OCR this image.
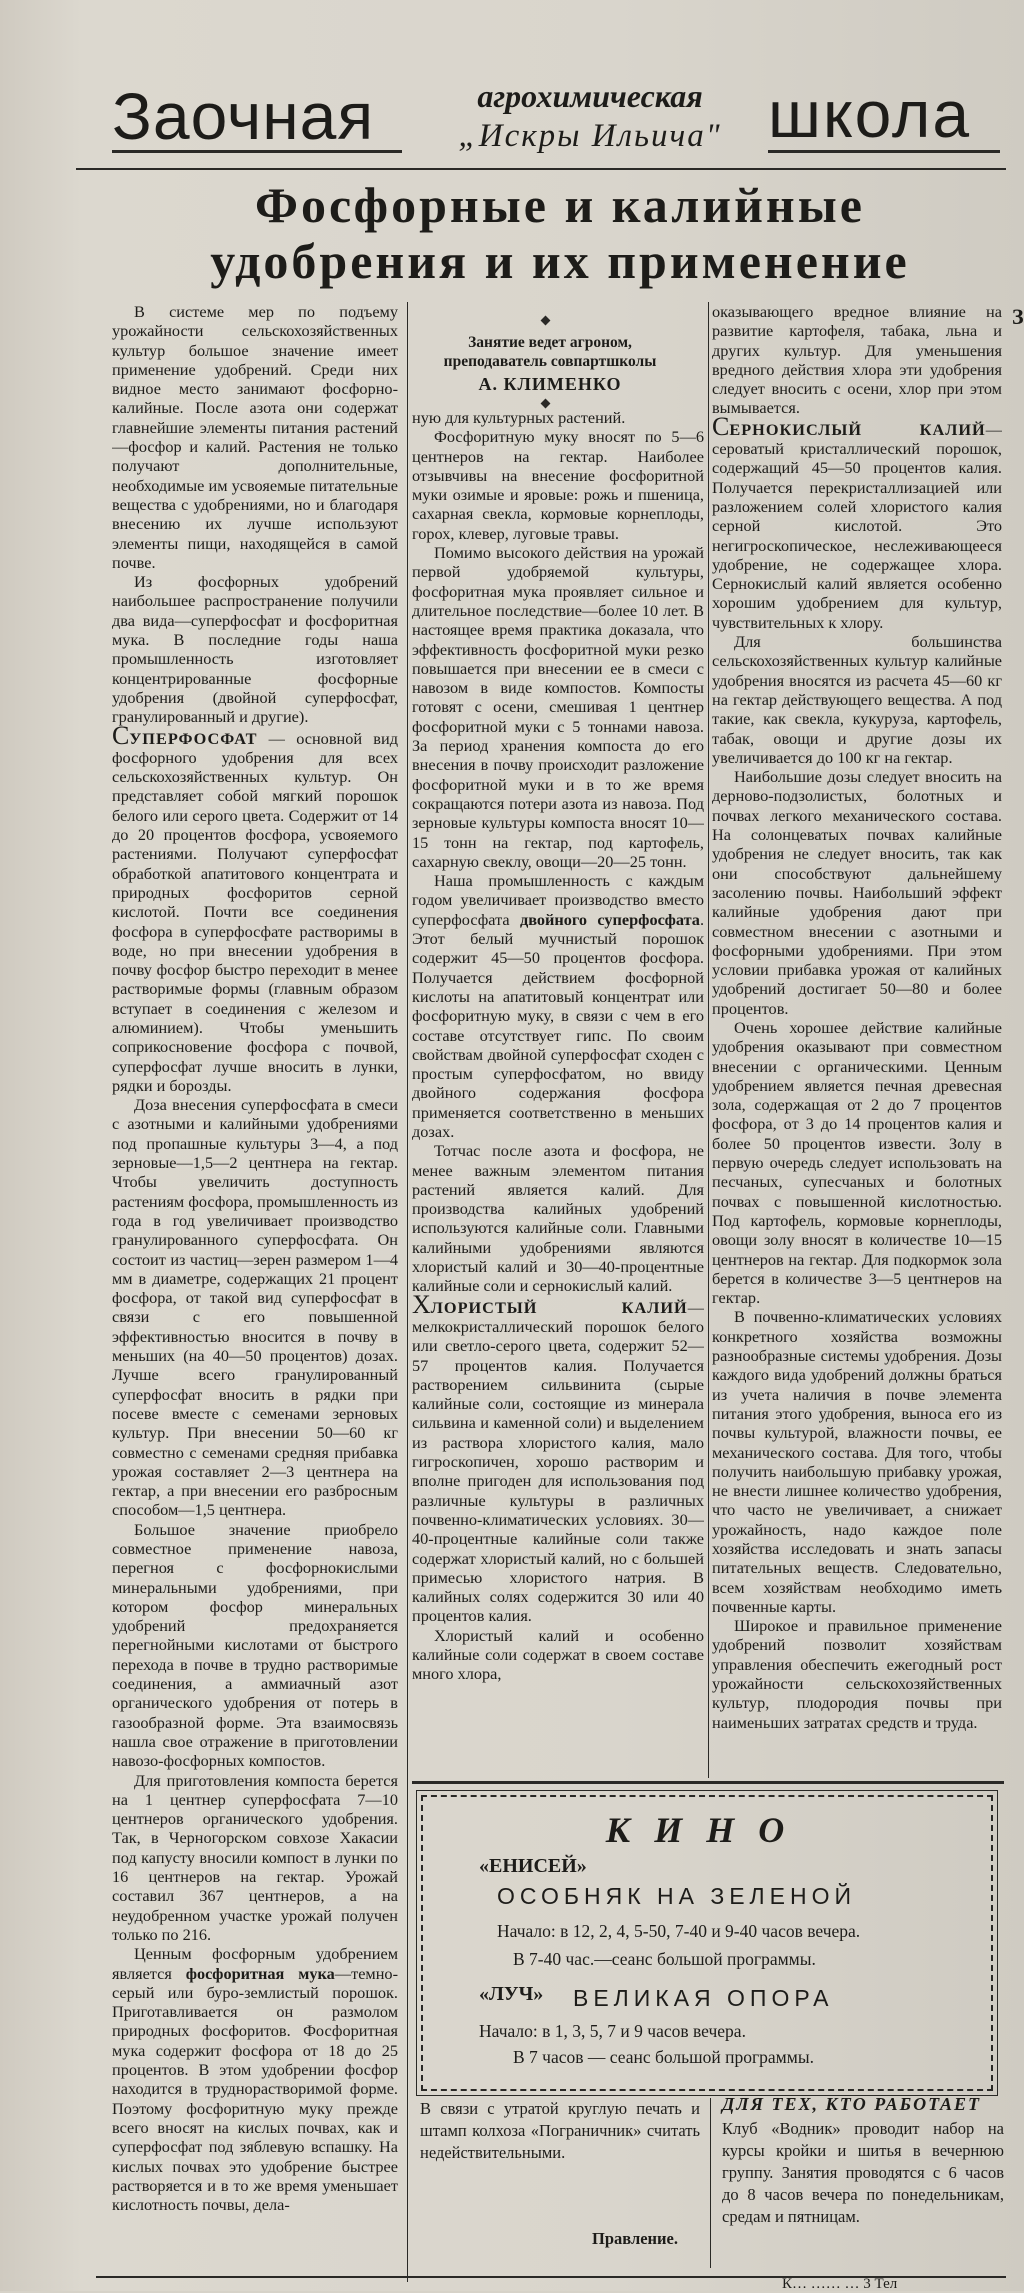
Заочная	агрохимическая
„Искры Ильича" школа
Фосфорные и калийные
удобрения и их применение
Занятие ведет агроном,
преподаватель совпартшколы
А. КЛИМЕНКО

В системе мер по подъему урожайности сельскохозяйственных культур большое значение имеет применение удобрений. Среди них видное место занимают фосфорно-калийные. После азота они содержат главнейшие элементы питания растений—фосфор и калий. Растения не только получают дополнительные, необходимые им усвояемые питательные вещества с удобрениями, но и благодаря внесению их лучше используют элементы пищи, находящейся в самой почве.

Из фосфорных удобрений наибольшее распространение получили два вида—суперфосфат и фосфоритная мука. В последние годы наша промышленность изготовляет концентрированные фосфорные удобрения (двойной суперфосфат, гранулированный и другие).

СУПЕРФОСФАТ — основной вид фосфорного удобрения для всех сельскохозяйственных культур. Он представляет собой мягкий порошок белого или серого цвета. Содержит от 14 до 20 процентов фосфора, усвояемого растениями. Получают суперфосфат обработкой апатитового концентрата и природных фосфоритов серной кислотой. Почти все соединения фосфора в суперфосфате растворимы в воде, но при внесении удобрения в почву фосфор быстро переходит в менее растворимые формы (главным образом вступает в соединения с железом и алюминием). Чтобы уменьшить соприкосновение фосфора с почвой, суперфосфат лучше вносить в лунки, рядки и борозды.

Доза внесения суперфосфата в смеси с азотными и калийными удобрениями под пропашные культуры 3—4, а под зерновые—1,5—2 центнера на гектар. Чтобы увеличить доступность растениям фосфора, промышленность из года в год увеличивает производство гранулированного суперфосфата. Он состоит из частиц—зерен размером 1—4 мм в диаметре, содержащих 21 процент фосфора, от такой вид суперфосфат в связи с его повышенной эффективностью вносится в почву в меньших (на 40—50 процентов) дозах. Лучше всего гранулированный суперфосфат вносить в рядки при посеве вместе с семенами зерновых культур. При внесении 50—60 кг совместно с семенами средняя прибавка урожая составляет 2—3 центнера на гектар, а при внесении его разбросным способом—1,5 центнера.

Большое значение приобрело совместное применение навоза, перегноя с фосфорнокислыми минеральными удобрениями, при котором фосфор минеральных удобрений предохраняется перегнойными кислотами от быстрого перехода в почве в трудно растворимые соединения, а аммиачный азот органического удобрения от потерь в газообразной форме. Эта взаимосвязь нашла свое отражение в приготовлении навозо-фосфорных компостов.

Для приготовления компоста берется на 1 центнер суперфосфата 7—10 центнеров органического удобрения. Так, в Черногорском совхозе Хакасии под капусту вносили компост в лунки по 16 центнеров на гектар. Урожай составил 367 центнеров, а на неудобренном участке урожай получен только по 216.

Ценным фосфорным удобрением является фосфоритная мука—темно-серый или буро-землистый порошок. Приготавливается он размолом природных фосфоритов. Фосфоритная мука содержит фосфора от 18 до 25 процентов. В этом удобрении фосфор находится в труднорастворимой форме. Поэтому фосфоритную муку прежде всего вносят на кислых почвах, как и суперфосфат под зяблевую вспашку. На кислых почвах это удобрение быстрее растворяется и в то же время уменьшает кислотность почвы, дела-

ную для культурных растений.

Фосфоритную муку вносят по 5—6 центнеров на гектар. Наиболее отзывчивы на внесение фосфоритной муки озимые и яровые: рожь и пшеница, сахарная свекла, кормовые корнеплоды, горох, клевер, луговые травы.

Помимо высокого действия на урожай первой удобряемой культуры, фосфоритная мука проявляет сильное и длительное последствие—более 10 лет. В настоящее время практика доказала, что эффективность фосфоритной муки резко повышается при внесении ее в смеси с навозом в виде компостов. Компосты готовят с осени, смешивая 1 центнер фосфоритной муки с 5 тоннами навоза. За период хранения компоста до его внесения в почву происходит разложение фосфоритной муки и в то же время сокращаются потери азота из навоза. Под зерновые культуры компоста вносят 10—15 тонн на гектар, под картофель, сахарную свеклу, овощи—20—25 тонн.

Наша промышленность с каждым годом увеличивает производство вместо суперфосфата двойного суперфосфата. Этот белый мучнистый порошок содержит 45—50 процентов фосфора. Получается действием фосфорной кислоты на апатитовый концентрат или фосфоритную муку, в связи с чем в его составе отсутствует гипс. По своим свойствам двойной суперфосфат сходен с простым суперфосфатом, но ввиду двойного содержания фосфора применяется соответственно в меньших дозах.

Тотчас после азота и фосфора, не менее важным элементом питания растений является калий. Для производства калийных удобрений используются калийные соли. Главными калийными удобрениями являются хлористый калий и 30—40-процентные калийные соли и сернокислый калий.

ХЛОРИСТЫЙ КАЛИЙ—мелкокристаллический порошок белого или светло-серого цвета, содержит 52—57 процентов калия. Получается растворением сильвинита (сырые калийные соли, состоящие из минерала сильвина и каменной соли) и выделением из раствора хлористого калия, мало гигроскопичен, хорошо растворим и вполне пригоден для использования под различные культуры в различных почвенно-климатических условиях. 30—40-процентные калийные соли также содержат хлористый калий, но с большей примесью хлористого натрия. В калийных солях содержится 30 или 40 процентов калия.

Хлористый калий и особенно калийные соли содержат в своем составе много хлора,

оказывающего вредное влияние на развитие картофеля, табака, льна и других культур. Для уменьшения вредного действия хлора эти удобрения следует вносить с осени, хлор при этом вымывается.

СЕРНОКИСЛЫЙ КАЛИЙ—сероватый кристаллический порошок, содержащий 45—50 процентов калия. Получается перекристаллизацией или разложением солей хлористого калия серной кислотой. Это негигроскопическое, неслеживающееся удобрение, не содержащее хлора. Сернокислый калий является особенно хорошим удобрением для культур, чувствительных к хлору.

Для большинства сельскохозяйственных культур калийные удобрения вносятся из расчета 45—60 кг на гектар действующего вещества. А под такие, как свекла, кукуруза, картофель, табак, овощи и другие дозы их увеличивается до 100 кг на гектар.

Наибольшие дозы следует вносить на дерново-подзолистых, болотных и почвах легкого механического состава. На солонцеватых почвах калийные удобрения не следует вносить, так как они способствуют дальнейшему засолению почвы. Наибольший эффект калийные удобрения дают при совместном внесении с азотными и фосфорными удобрениями. При этом условии прибавка урожая от калийных удобрений достигает 50—80 и более процентов.

Очень хорошее действие калийные удобрения оказывают при совместном внесении с органическими. Ценным удобрением является печная древесная зола, содержащая от 2 до 7 процентов фосфора, от 3 до 14 процентов калия и более 50 процентов извести. Золу в первую очередь следует использовать на песчаных, супесчаных и болотных почвах с повышенной кислотностью. Под картофель, кормовые корнеплоды, овощи золу вносят в количестве 10—15 центнеров на гектар. Для подкормок зола берется в количестве 3—5 центнеров на гектар.

В почвенно-климатических условиях конкретного хозяйства возможны разнообразные системы удобрения. Дозы каждого вида удобрений должны браться из учета наличия в почве элемента питания этого удобрения, выноса его из почвы культурой, влажности почвы, ее механического состава. Для того, чтобы получить наибольшую прибавку урожая, не внести лишнее количество удобрения, что часто не увеличивает, а снижает урожайность, надо каждое поле хозяйства исследовать и знать запасы питательных веществ. Следовательно, всем хозяйствам необходимо иметь почвенные карты.

Широкое и правильное применение удобрений позволит хозяйствам управления обеспечить ежегодный рост урожайности сельскохозяйственных культур, плодородия почвы при наименьших затратах средств и труда.

КИНО
«ЕНИСЕЙ»
ОСОБНЯК НА ЗЕЛЕНОЙ
Начало: в 12, 2, 4, 5-50, 7-40 и 9-40 часов вечера.
В 7-40 час.—сеанс большой программы.
«ЛУЧ» ВЕЛИКАЯ ОПОРА
Начало: в 1, 3, 5, 7 и 9 часов вечера.
В 7 часов — сеанс большой программы.
В связи с утратой круглую печать и штамп колхоза «Пограничник» считать недействительными.
Правление.
ДЛЯ ТЕХ, КТО РАБОТАЕТ
Клуб «Водник» проводит набор на курсы кройки и шитья в вечернюю группу. Занятия проводятся с 6 часов до 8 часов вечера по понедельникам, средам и пятницам.
З
К… …… … 3 Тел
